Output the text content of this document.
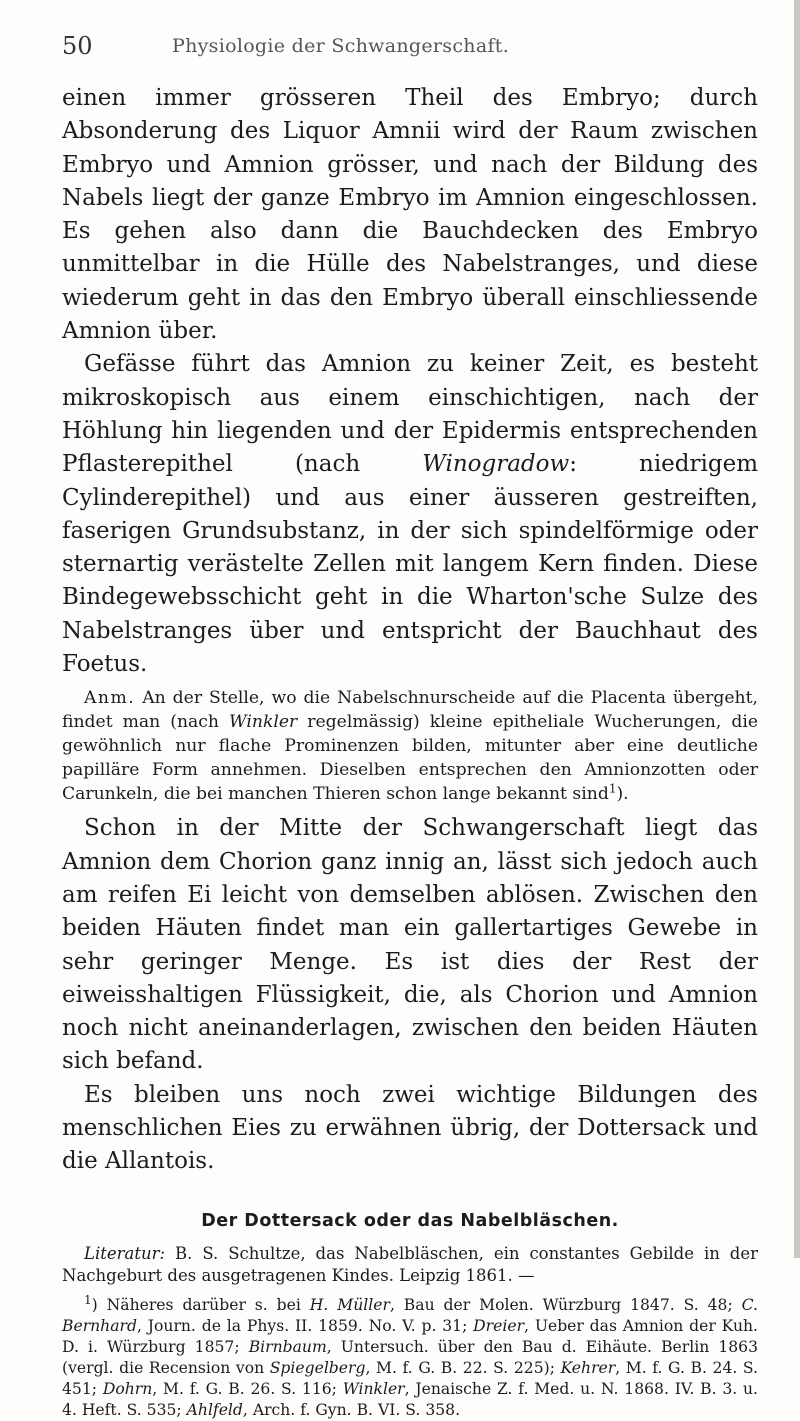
50	Physiologie der Schwangerschaft.

einen immer grösseren Theil des Embryo; durch Absonderung des Liquor Amnii wird der Raum zwischen Embryo und Amnion grösser, und nach der Bildung des Nabels liegt der ganze Embryo im Amnion eingeschlossen. Es gehen also dann die Bauchdecken des Embryo unmittelbar in die Hülle des Nabelstranges, und diese wiederum geht in das den Embryo überall einschliessende Amnion über.

Gefässe führt das Amnion zu keiner Zeit, es besteht mikroskopisch aus einem einschichtigen, nach der Höhlung hin liegenden und der Epidermis entsprechenden Pflasterepithel (nach Winogradow: niedrigem Cylinderepithel) und aus einer äusseren gestreiften, faserigen Grundsubstanz, in der sich spindelförmige oder sternartig verästelte Zellen mit langem Kern finden. Diese Bindegewebsschicht geht in die Wharton'sche Sulze des Nabelstranges über und entspricht der Bauchhaut des Foetus.

Anm. An der Stelle, wo die Nabelschnurscheide auf die Placenta übergeht, findet man (nach Winkler regelmässig) kleine epitheliale Wucherungen, die gewöhnlich nur flache Prominenzen bilden, mitunter aber eine deutliche papilläre Form annehmen. Dieselben entsprechen den Amnionzotten oder Carunkeln, die bei manchen Thieren schon lange bekannt sind$^1$).

Schon in der Mitte der Schwangerschaft liegt das Amnion dem Chorion ganz innig an, lässt sich jedoch auch am reifen Ei leicht von demselben ablösen. Zwischen den beiden Häuten findet man ein gallertartiges Gewebe in sehr geringer Menge. Es ist dies der Rest der eiweisshaltigen Flüssigkeit, die, als Chorion und Amnion noch nicht aneinanderlagen, zwischen den beiden Häuten sich befand.

Es bleiben uns noch zwei wichtige Bildungen des menschlichen Eies zu erwähnen übrig, der Dottersack und die Allantois.

Der Dottersack oder das Nabelbläschen.

Literatur: B. S. Schultze, das Nabelbläschen, ein constantes Gebilde in der Nachgeburt des ausgetragenen Kindes. Leipzig 1861. —

$^1$) Näheres darüber s. bei H. Müller, Bau der Molen. Würzburg 1847. S. 48; C. Bernhard, Journ. de la Phys. II. 1859. No. V. p. 31; Dreier, Ueber das Amnion der Kuh. D. i. Würzburg 1857; Birnbaum, Untersuch. über den Bau d. Eihäute. Berlin 1863 (vergl. die Recension von Spiegelberg, M. f. G. B. 22. S. 225); Kehrer, M. f. G. B. 24. S. 451; Dohrn, M. f. G. B. 26. S. 116; Winkler, Jenaische Z. f. Med. u. N. 1868. IV. B. 3. u. 4. Heft. S. 535; Ahlfeld, Arch. f. Gyn. B. VI. S. 358.
